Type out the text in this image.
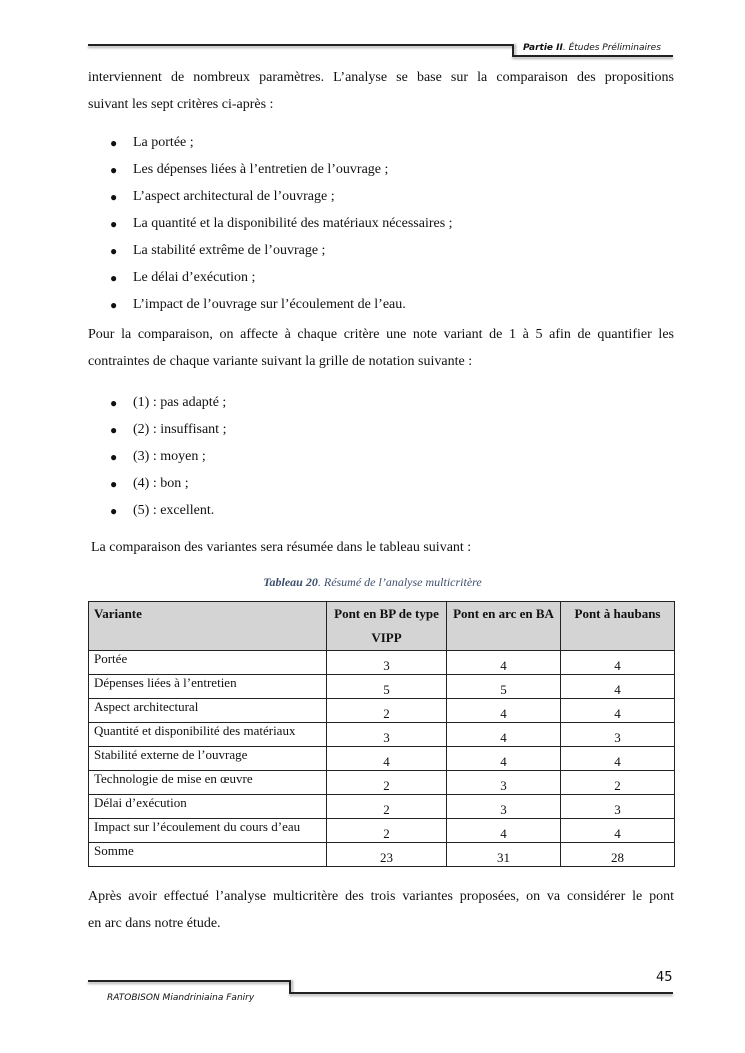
Partie II. Études Préliminaires
interviennent de nombreux paramètres. L’analyse se base sur la comparaison des propositions
suivant les sept critères ci-après :
● La portée ;
● Les dépenses liées à l’entretien de l’ouvrage ;
● L’aspect architectural de l’ouvrage ;
● La quantité et la disponibilité des matériaux nécessaires ;
● La stabilité extrême de l’ouvrage ;
● Le délai d’exécution ;
● L’impact de l’ouvrage sur l’écoulement de l’eau.
Pour la comparaison, on affecte à chaque critère une note variant de 1 à 5 afin de quantifier les
contraintes de chaque variante suivant la grille de notation suivante :
● (1) : pas adapté ;
● (2) : insuffisant ;
● (3) : moyen ;
● (4) : bon ;
● (5) : excellent.
La comparaison des variantes sera résumée dans le tableau suivant :
Tableau 20. Résumé de l’analyse multicritère
Variante	Pont en BP de type VIPP	Pont en arc en BA	Pont à haubans
Portée	3	4	4
Dépenses liées à l’entretien	5	5	4
Aspect architectural	2	4	4
Quantité et disponibilité des matériaux	3	4	3
Stabilité externe de l’ouvrage	4	4	4
Technologie de mise en œuvre	2	3	2
Délai d’exécution	2	3	3
Impact sur l’écoulement du cours d’eau	2	4	4
Somme	23	31	28
Après avoir effectué l’analyse multicritère des trois variantes proposées, on va considérer le pont
en arc dans notre étude.
45
RATOBISON Miandriniaina Faniry
